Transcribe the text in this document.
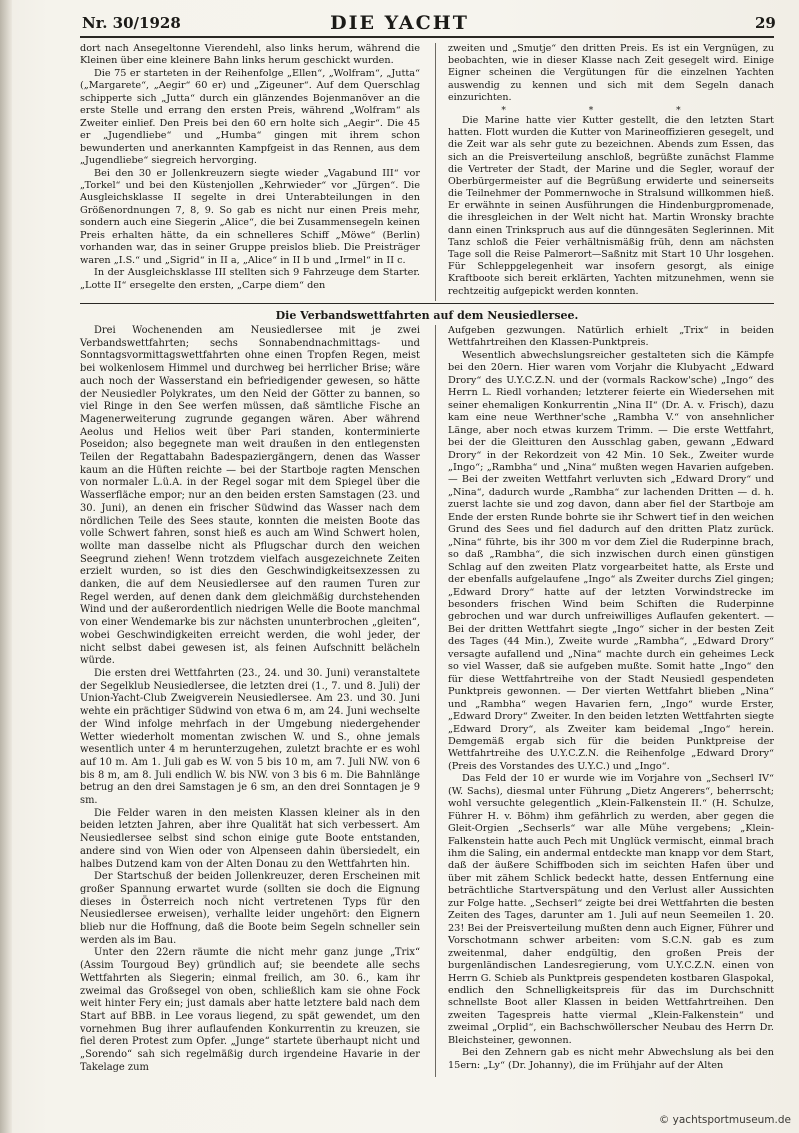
DIE YACHT
Nr. 30/1928	29

dort nach Ansegeltonne Vierendehl, also links herum, während die Kleinen über eine kleinere Bahn links herum geschickt wurden.

Die 75 er starteten in der Reihenfolge „Ellen“, „Wolfram“, „Jutta“ („Margarete“, „Aegir“ 60 er) und „Zigeuner“. Auf dem Querschlag schipperte sich „Jutta“ durch ein glänzendes Bojenmanöver an die erste Stelle und errang den ersten Preis, während „Wolfram“ als Zweiter einlief. Den Preis bei den 60 ern holte sich „Aegir“. Die 45 er „Jugendliebe“ und „Humba“ gingen mit ihrem schon bewunderten und anerkannten Kampfgeist in das Rennen, aus dem „Jugendliebe“ siegreich hervorging.

Bei den 30 er Jollenkreuzern siegte wieder „Vagabund III“ vor „Torkel“ und bei den Küstenjollen „Kehrwieder“ vor „Jürgen“. Die Ausgleichsklasse II segelte in drei Unterabteilungen in den Größenordnungen 7, 8, 9. So gab es nicht nur einen Preis mehr, sondern auch eine Siegerin „Alice“, die bei Zusammensegeln keinen Preis erhalten hätte, da ein schnelleres Schiff „Möwe“ (Berlin) vorhanden war, das in seiner Gruppe preislos blieb. Die Preisträger waren „I.S.“ und „Sigrid“ in II a, „Alice“ in II b und „Irmel“ in II c.

In der Ausgleichsklasse III stellten sich 9 Fahrzeuge dem Starter. „Lotte II“ ersegelte den ersten, „Carpe diem“ den

zweiten und „Smutje“ den dritten Preis. Es ist ein Vergnügen, zu beobachten, wie in dieser Klasse nach Zeit gesegelt wird. Einige Eigner scheinen die Vergütungen für die einzelnen Yachten auswendig zu kennen und sich mit dem Segeln danach einzurichten.

* * *

Die Marine hatte vier Kutter gestellt, die den letzten Start hatten. Flott wurden die Kutter von Marineoffizieren gesegelt, und die Zeit war als sehr gute zu bezeichnen. Abends zum Essen, das sich an die Preisverteilung anschloß, begrüßte zunächst Flamme die Vertreter der Stadt, der Marine und die Segler, worauf der Oberbürgermeister auf die Begrüßung erwiderte und seinerseits die Teilnehmer der Pommernwoche in Stralsund willkommen hieß. Er erwähnte in seinen Ausführungen die Hindenburgpromenade, die ihresgleichen in der Welt nicht hat. Martin Wronsky brachte dann einen Trinkspruch aus auf die dünngesäten Seglerinnen. Mit Tanz schloß die Feier verhältnismäßig früh, denn am nächsten Tage soll die Reise Palmerort—Saßnitz mit Start 10 Uhr losgehen. Für Schleppgelegenheit war insofern gesorgt, als einige Kraftboote sich bereit erklärten, Yachten mitzunehmen, wenn sie rechtzeitig aufgepickt werden konnten.

Die Verbandswettfahrten auf dem Neusiedlersee.

Drei Wochenenden am Neusiedlersee mit je zwei Verbandswettfahrten; sechs Sonnabendnachmittags- und Sonntagsvormittagswettfahrten ohne einen Tropfen Regen, meist bei wolkenlosem Himmel und durchweg bei herrlicher Brise; wäre auch noch der Wasserstand ein befriedigender gewesen, so hätte der Neusiedler Polykrates, um den Neid der Götter zu bannen, so viel Ringe in den See werfen müssen, daß sämtliche Fische an Magenerweiterung zugrunde gegangen wären. Aber während Aeolus und Helios weit über Pari standen, konterminierte Poseidon; also begegnete man weit draußen in den entlegensten Teilen der Regattabahn Badespaziergängern, denen das Wasser kaum an die Hüften reichte — bei der Startboje ragten Menschen von normaler L.ü.A. in der Regel sogar mit dem Spiegel über die Wasserfläche empor; nur an den beiden ersten Samstagen (23. und 30. Juni), an denen ein frischer Südwind das Wasser nach dem nördlichen Teile des Sees staute, konnten die meisten Boote das volle Schwert fahren, sonst hieß es auch am Wind Schwert holen, wollte man dasselbe nicht als Pflugschar durch den weichen Seegrund ziehen! Wenn trotzdem vielfach ausgezeichnete Zeiten erzielt wurden, so ist dies den Geschwindigkeitsexzessen zu danken, die auf dem Neusiedlersee auf den raumen Turen zur Regel werden, auf denen dank dem gleichmäßig durchstehenden Wind und der außerordentlich niedrigen Welle die Boote manchmal von einer Wendemarke bis zur nächsten ununterbrochen „gleiten“, wobei Geschwindigkeiten erreicht werden, die wohl jeder, der nicht selbst dabei gewesen ist, als feinen Aufschnitt belächeln würde.

Die ersten drei Wettfahrten (23., 24. und 30. Juni) veranstaltete der Segelklub Neusiedlersee, die letzten drei (1., 7. und 8. Juli) der Union-Yacht-Club Zweigverein Neusiedlersee. Am 23. und 30. Juni wehte ein prächtiger Südwind von etwa 6 m, am 24. Juni wechselte der Wind infolge mehrfach in der Umgebung niedergehender Wetter wiederholt momentan zwischen W. und S., ohne jemals wesentlich unter 4 m herunterzugehen, zuletzt brachte er es wohl auf 10 m. Am 1. Juli gab es W. von 5 bis 10 m, am 7. Juli NW. von 6 bis 8 m, am 8. Juli endlich W. bis NW. von 3 bis 6 m. Die Bahnlänge betrug an den drei Samstagen je 6 sm, an den drei Sonntagen je 9 sm.

Die Felder waren in den meisten Klassen kleiner als in den beiden letzten Jahren, aber ihre Qualität hat sich verbessert. Am Neusiedlersee selbst sind schon einige gute Boote entstanden, andere sind von Wien oder von Alpenseen dahin übersiedelt, ein halbes Dutzend kam von der Alten Donau zu den Wettfahrten hin.

Der Startschuß der beiden Jollenkreuzer, deren Erscheinen mit großer Spannung erwartet wurde (sollten sie doch die Eignung dieses in Österreich noch nicht vertretenen Typs für den Neusiedlersee erweisen), verhallte leider ungehört: den Eignern blieb nur die Hoffnung, daß die Boote beim Segeln schneller sein werden als im Bau.

Unter den 22ern räumte die nicht mehr ganz junge „Trix“ (Assim Tourgoud Bey) gründlich auf; sie beendete alle sechs Wettfahrten als Siegerin; einmal freilich, am 30. 6., kam ihr zweimal das Großsegel von oben, schließlich kam sie ohne Fock weit hinter Fery ein; just damals aber hatte letztere bald nach dem Start auf BBB. in Lee voraus liegend, zu spät gewendet, um den vornehmen Bug ihrer auflaufenden Konkurrentin zu kreuzen, sie fiel deren Protest zum Opfer. „Junge“ startete überhaupt nicht und „Sorendo“ sah sich regelmäßig durch irgendeine Havarie in der Takelage zum

Aufgeben gezwungen. Natürlich erhielt „Trix“ in beiden Wettfahrtreihen den Klassen-Punktpreis.

Wesentlich abwechslungsreicher gestalteten sich die Kämpfe bei den 20ern. Hier waren vom Vorjahr die Klubyacht „Edward Drory“ des U.Y.C.Z.N. und der (vormals Rackow'sche) „Ingo“ des Herrn L. Riedl vorhanden; letzterer feierte ein Wiedersehen mit seiner ehemaligen Konkurrentin „Nina II“ (Dr. A. v. Frisch), dazu kam eine neue Werthner'sche „Rambha V.“ von ansehnlicher Länge, aber noch etwas kurzem Trimm. — Die erste Wettfahrt, bei der die Gleitturen den Ausschlag gaben, gewann „Edward Drory“ in der Rekordzeit von 42 Min. 10 Sek., Zweiter wurde „Ingo“; „Rambha“ und „Nina“ mußten wegen Havarien aufgeben. — Bei der zweiten Wettfahrt verluvten sich „Edward Drory“ und „Nina“, dadurch wurde „Rambha“ zur lachenden Dritten — d. h. zuerst lachte sie und zog davon, dann aber fiel der Startboje am Ende der ersten Runde bohrte sie ihr Schwert tief in den weichen Grund des Sees und fiel dadurch auf den dritten Platz zurück. „Nina“ führte, bis ihr 300 m vor dem Ziel die Ruderpinne brach, so daß „Rambha“, die sich inzwischen durch einen günstigen Schlag auf den zweiten Platz vorgearbeitet hatte, als Erste und der ebenfalls aufgelaufene „Ingo“ als Zweiter durchs Ziel gingen; „Edward Drory“ hatte auf der letzten Vorwindstrecke im besonders frischen Wind beim Schiften die Ruderpinne gebrochen und war durch unfreiwilliges Auflaufen gekentert. — Bei der dritten Wettfahrt siegte „Ingo“ sicher in der besten Zeit des Tages (44 Min.), Zweite wurde „Rambha“, „Edward Drory“ versagte aufallend und „Nina“ machte durch ein geheimes Leck so viel Wasser, daß sie aufgeben mußte. Somit hatte „Ingo“ den für diese Wettfahrtreihe von der Stadt Neusiedl gespendeten Punktpreis gewonnen. — Der vierten Wettfahrt blieben „Nina“ und „Rambha“ wegen Havarien fern, „Ingo“ wurde Erster, „Edward Drory“ Zweiter. In den beiden letzten Wettfahrten siegte „Edward Drory“, als Zweiter kam beidemal „Ingo“ herein. Demgemäß ergab sich für die beiden Punktpreise der Wettfahrtreihe des U.Y.C.Z.N. die Reihenfolge „Edward Drory“ (Preis des Vorstandes des U.Y.C.) und „Ingo“.

Das Feld der 10 er wurde wie im Vorjahre von „Sechserl IV“ (W. Sachs), diesmal unter Führung „Dietz Angerers“, beherrscht; wohl versuchte gelegentlich „Klein-Falkenstein II.“ (H. Schulze, Führer H. v. Böhm) ihm gefährlich zu werden, aber gegen die Gleit-Orgien „Sechserls“ war alle Mühe vergebens; „Klein-Falkenstein hatte auch Pech mit Unglück vermischt, einmal brach ihm die Saling, ein andermal entdeckte man knapp vor dem Start, daß der äußere Schiffboden sich im seichten Hafen über und über mit zähem Schlick bedeckt hatte, dessen Entfernung eine beträchtliche Startverspätung und den Verlust aller Aussichten zur Folge hatte. „Sechserl“ zeigte bei drei Wettfahrten die besten Zeiten des Tages, darunter am 1. Juli auf neun Seemeilen 1. 20. 23! Bei der Preisverteilung mußten denn auch Eigner, Führer und Vorschotmann schwer arbeiten: vom S.C.N. gab es zum zweitenmal, daher endgültig, den großen Preis der burgenländischen Landesregierung, vom U.Y.C.Z.N. einen von Herrn G. Schieb als Punktpreis gespendeten kostbaren Glaspokal, endlich den Schnelligkeitspreis für das im Durchschnitt schnellste Boot aller Klassen in beiden Wettfahrtreihen. Den zweiten Tagespreis hatte viermal „Klein-Falkenstein“ und zweimal „Orplid“, ein Bachschwöllerscher Neubau des Herrn Dr. Bleichsteiner, gewonnen.

Bei den Zehnern gab es nicht mehr Abwechslung als bei den 15ern: „Ly“ (Dr. Johanny), die im Frühjahr auf der Alten

© yachtsportmuseum.de
